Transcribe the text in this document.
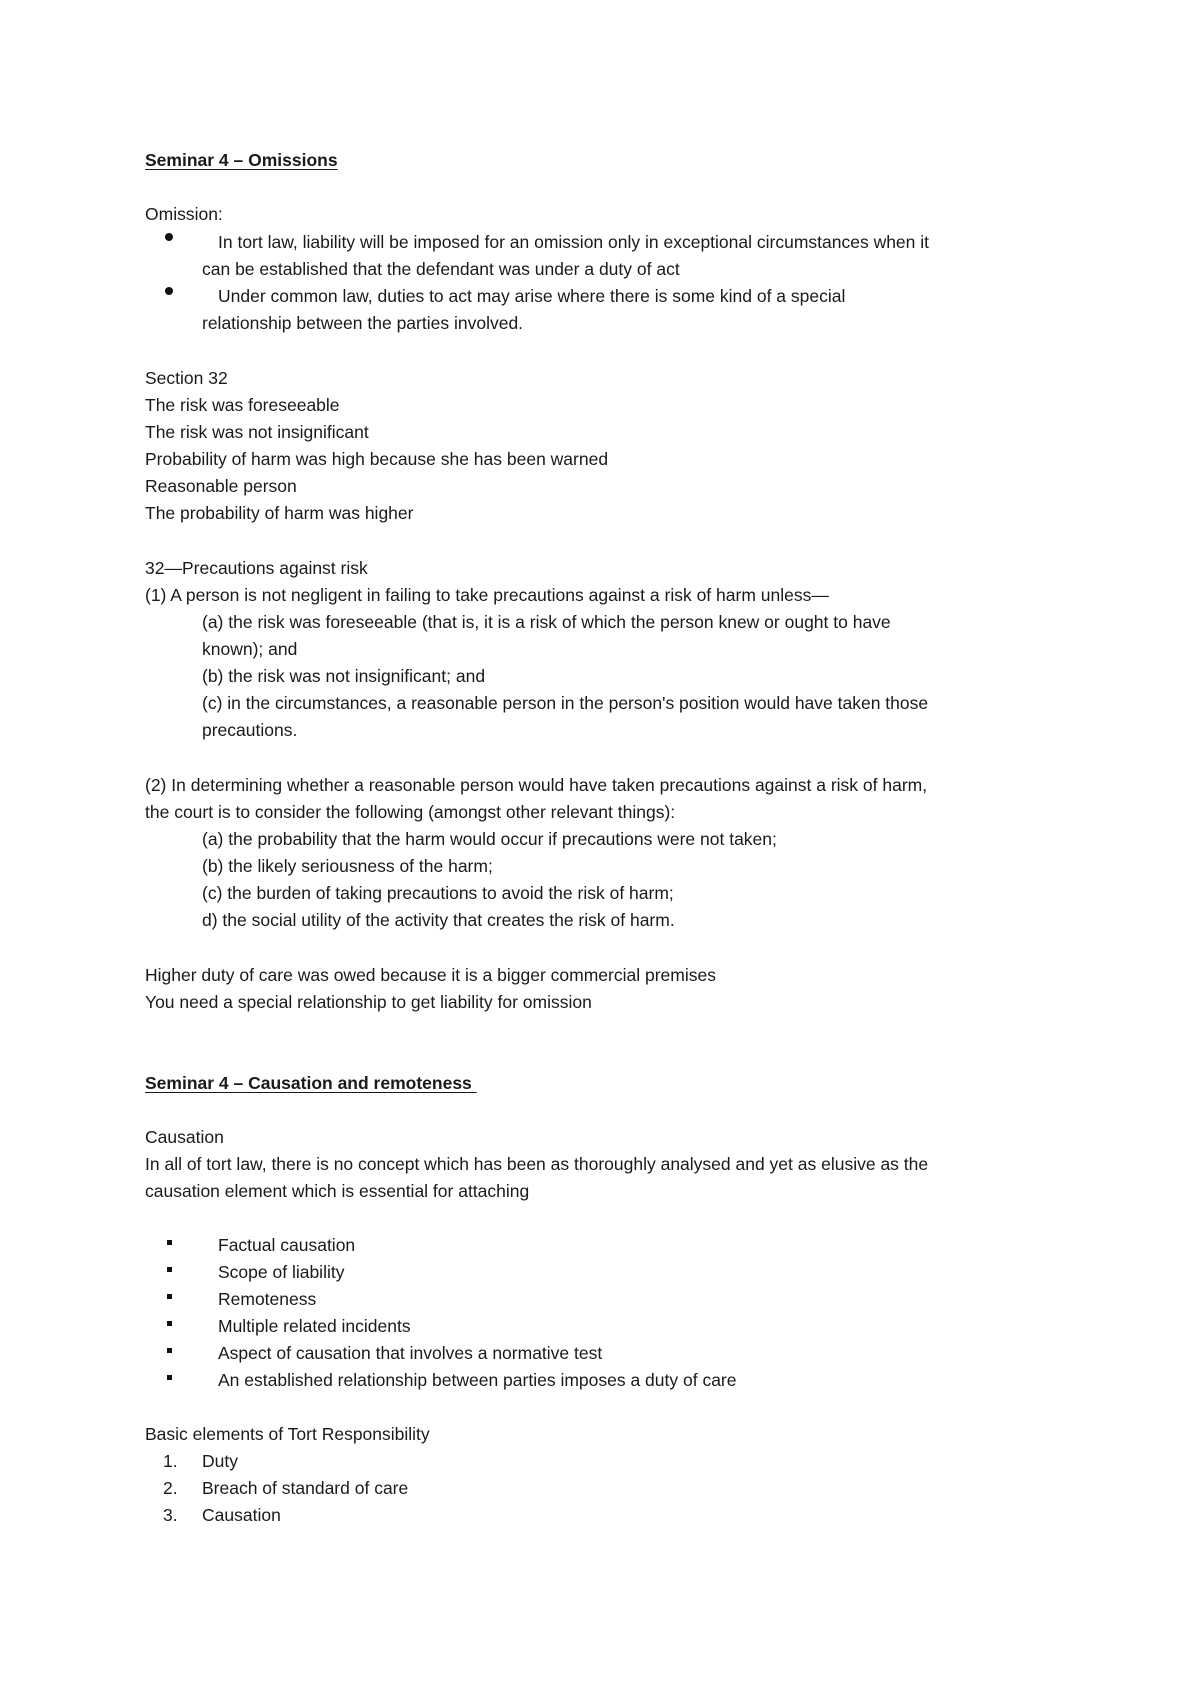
Seminar 4 – Omissions
Omission:
In tort law, liability will be imposed for an omission only in exceptional circumstances when it
can be established that the defendant was under a duty of act
Under common law, duties to act may arise where there is some kind of a special
relationship between the parties involved.
Section 32
The risk was foreseeable
The risk was not insignificant
Probability of harm was high because she has been warned
Reasonable person
The probability of harm was higher
32—Precautions against risk
(1) A person is not negligent in failing to take precautions against a risk of harm unless—
(a) the risk was foreseeable (that is, it is a risk of which the person knew or ought to have
known); and
(b) the risk was not insignificant; and
(c) in the circumstances, a reasonable person in the person's position would have taken those
precautions.
(2) In determining whether a reasonable person would have taken precautions against a risk of harm,
the court is to consider the following (amongst other relevant things):
(a) the probability that the harm would occur if precautions were not taken;
(b) the likely seriousness of the harm;
(c) the burden of taking precautions to avoid the risk of harm;
d) the social utility of the activity that creates the risk of harm.
Higher duty of care was owed because it is a bigger commercial premises
You need a special relationship to get liability for omission
Seminar 4 – Causation and remoteness
Causation
In all of tort law, there is no concept which has been as thoroughly analysed and yet as elusive as the
causation element which is essential for attaching
Factual causation
Scope of liability
Remoteness
Multiple related incidents
Aspect of causation that involves a normative test
An established relationship between parties imposes a duty of care
Basic elements of Tort Responsibility
1. Duty
2. Breach of standard of care
3. Causation
